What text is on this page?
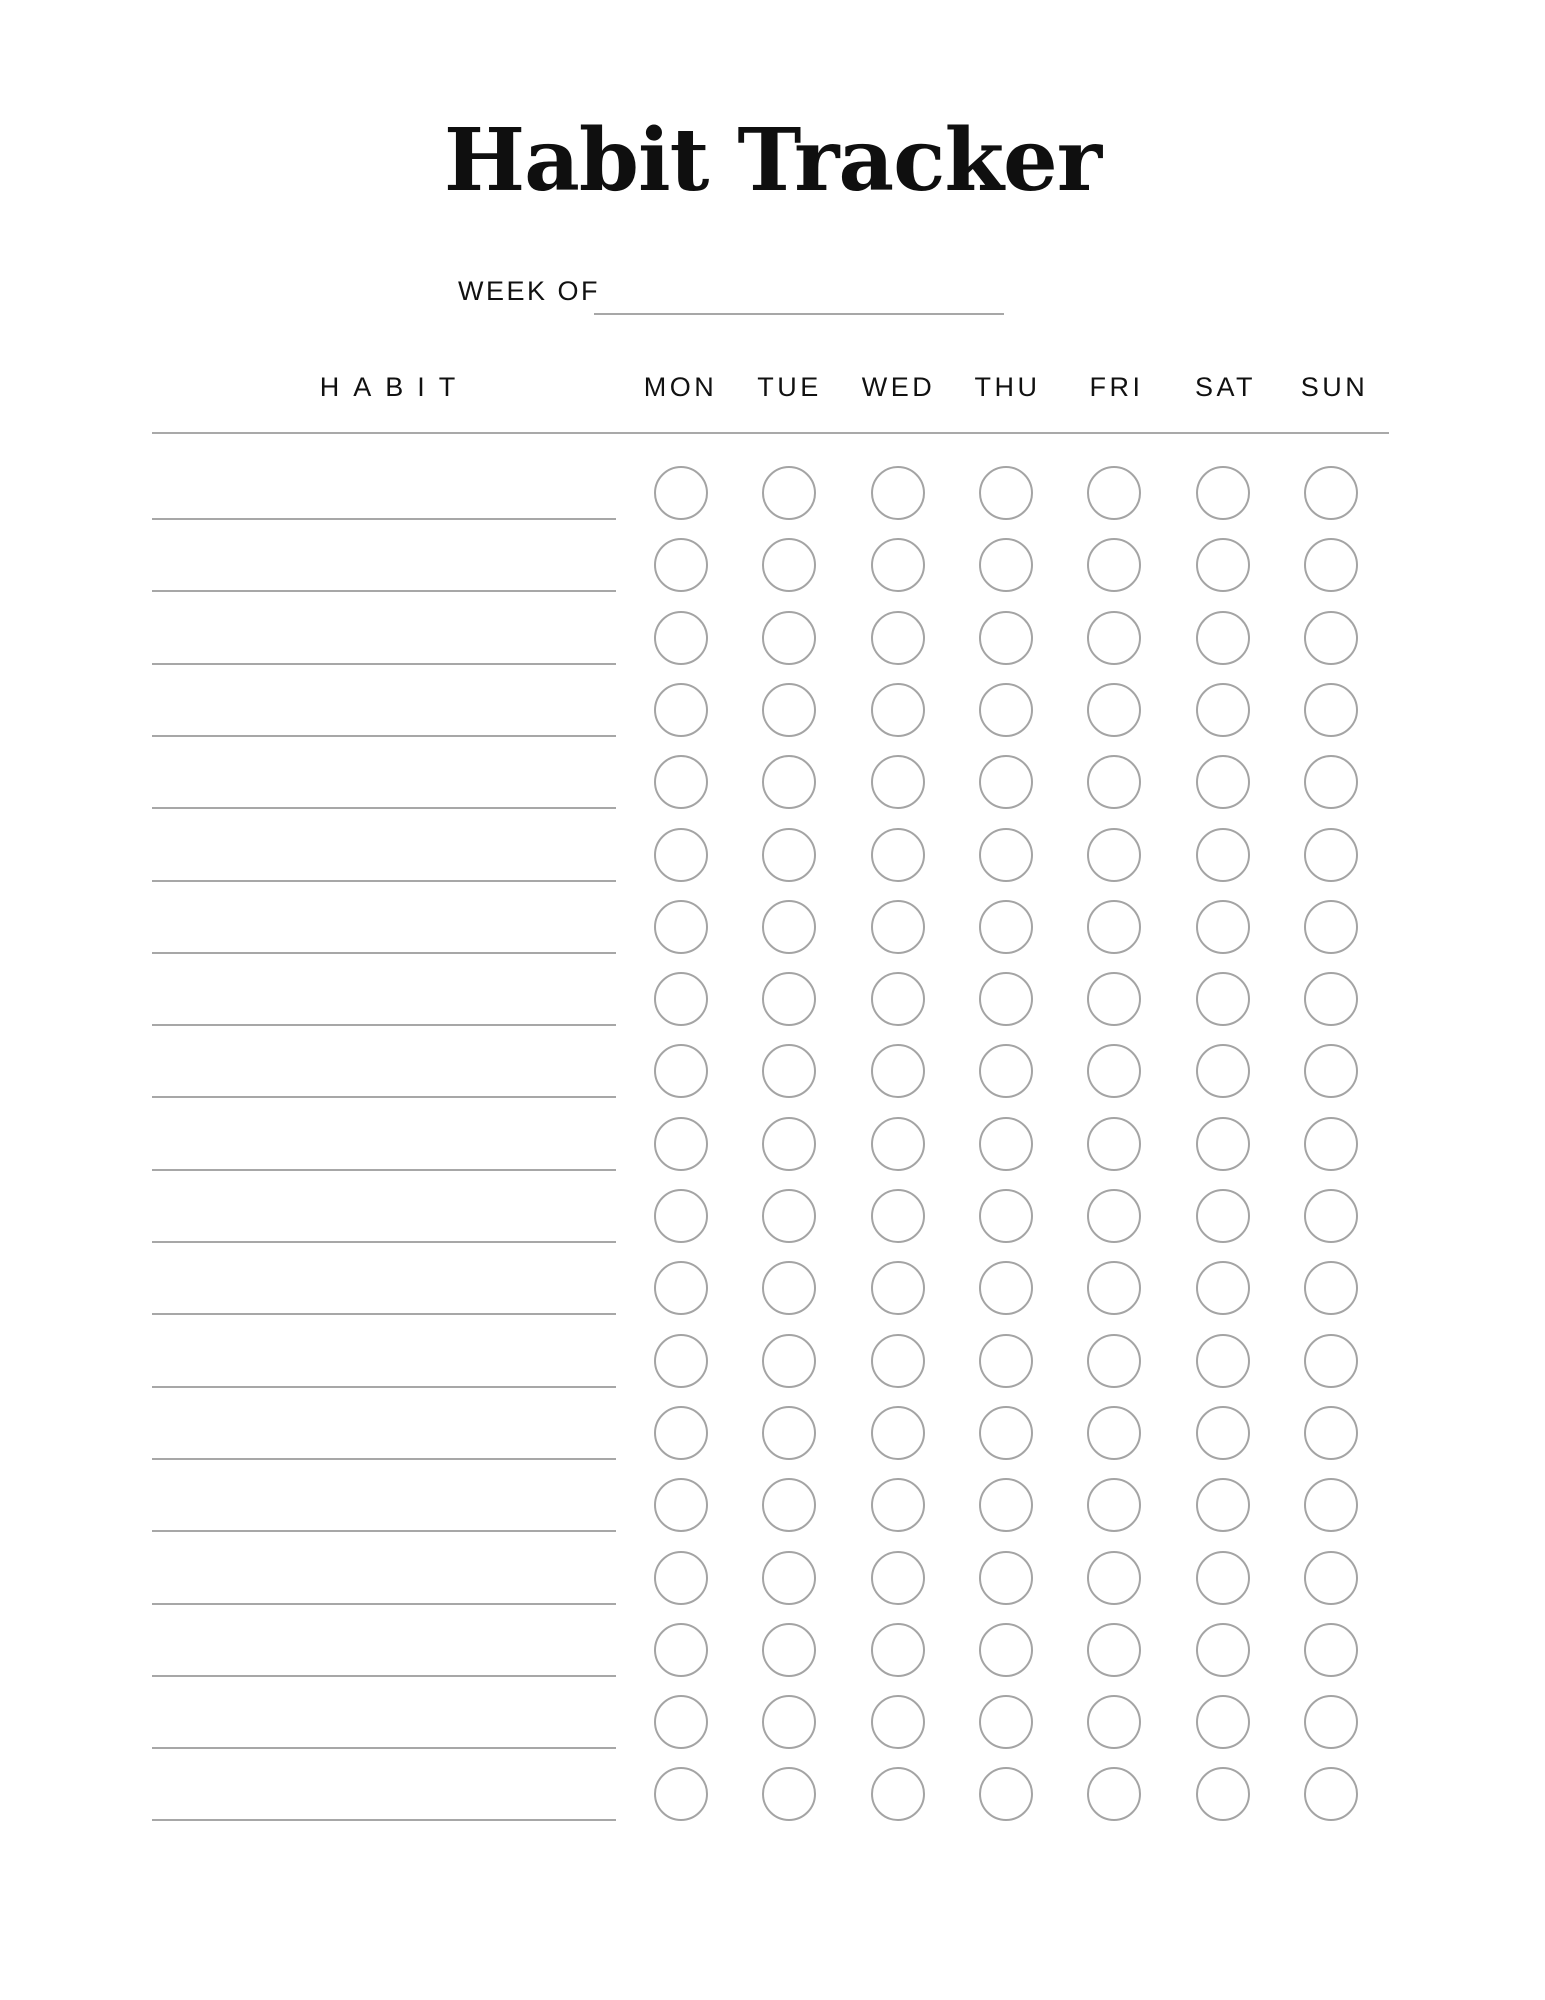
Habit Tracker
WEEK OF
HABIT	MON	TUE	WED	THU	FRI	SAT	SUN
